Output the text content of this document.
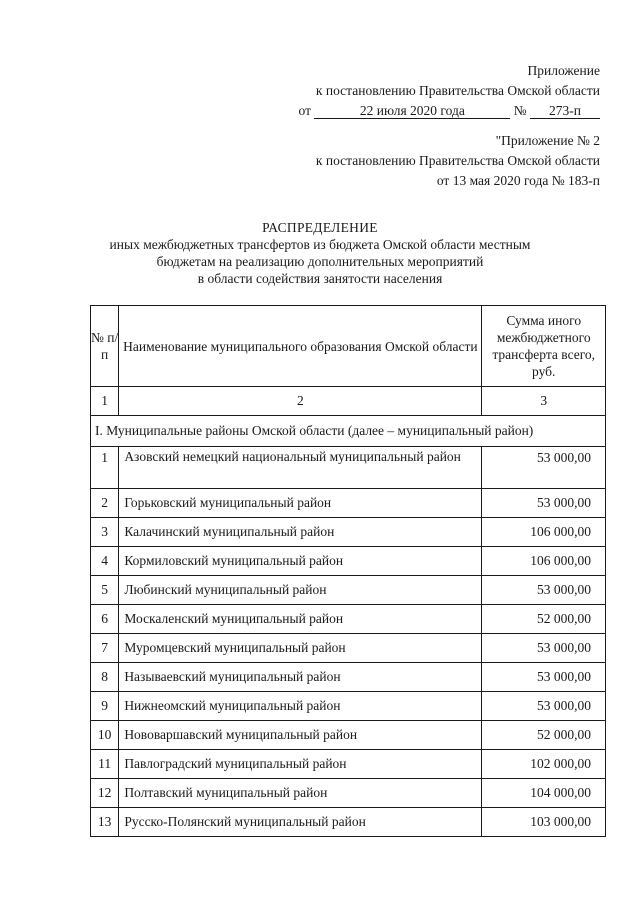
Приложение
к постановлению Правительства Омской области
от	22 июля 2020 года	№ 273-п
"Приложение № 2
к постановлению Правительства Омской области
от 13 мая 2020 года № 183-п
РАСПРЕДЕЛЕНИЕ
иных межбюджетных трансфертов из бюджета Омской области местным
бюджетам на реализацию дополнительных мероприятий
в области содействия занятости населения
№ п/п	Наименование муниципального образования Омской области	Сумма иного межбюджетного трансферта всего, руб.
1	2	3
I. Муниципальные районы Омской области (далее – муниципальный район)		
1	Азовский немецкий национальный муниципальный район	53 000,00
2	Горьковский муниципальный район	53 000,00
3	Калачинский муниципальный район	106 000,00
4	Кормиловский муниципальный район	106 000,00
5	Любинский муниципальный район	53 000,00
6	Москаленский муниципальный район	52 000,00
7	Муромцевский муниципальный район	53 000,00
8	Называевский муниципальный район	53 000,00
9	Нижнеомский муниципальный район	53 000,00
10	Нововаршавский муниципальный район	52 000,00
11	Павлоградский муниципальный район	102 000,00
12	Полтавский муниципальный район	104 000,00
13	Русско-Полянский муниципальный район	103 000,00
